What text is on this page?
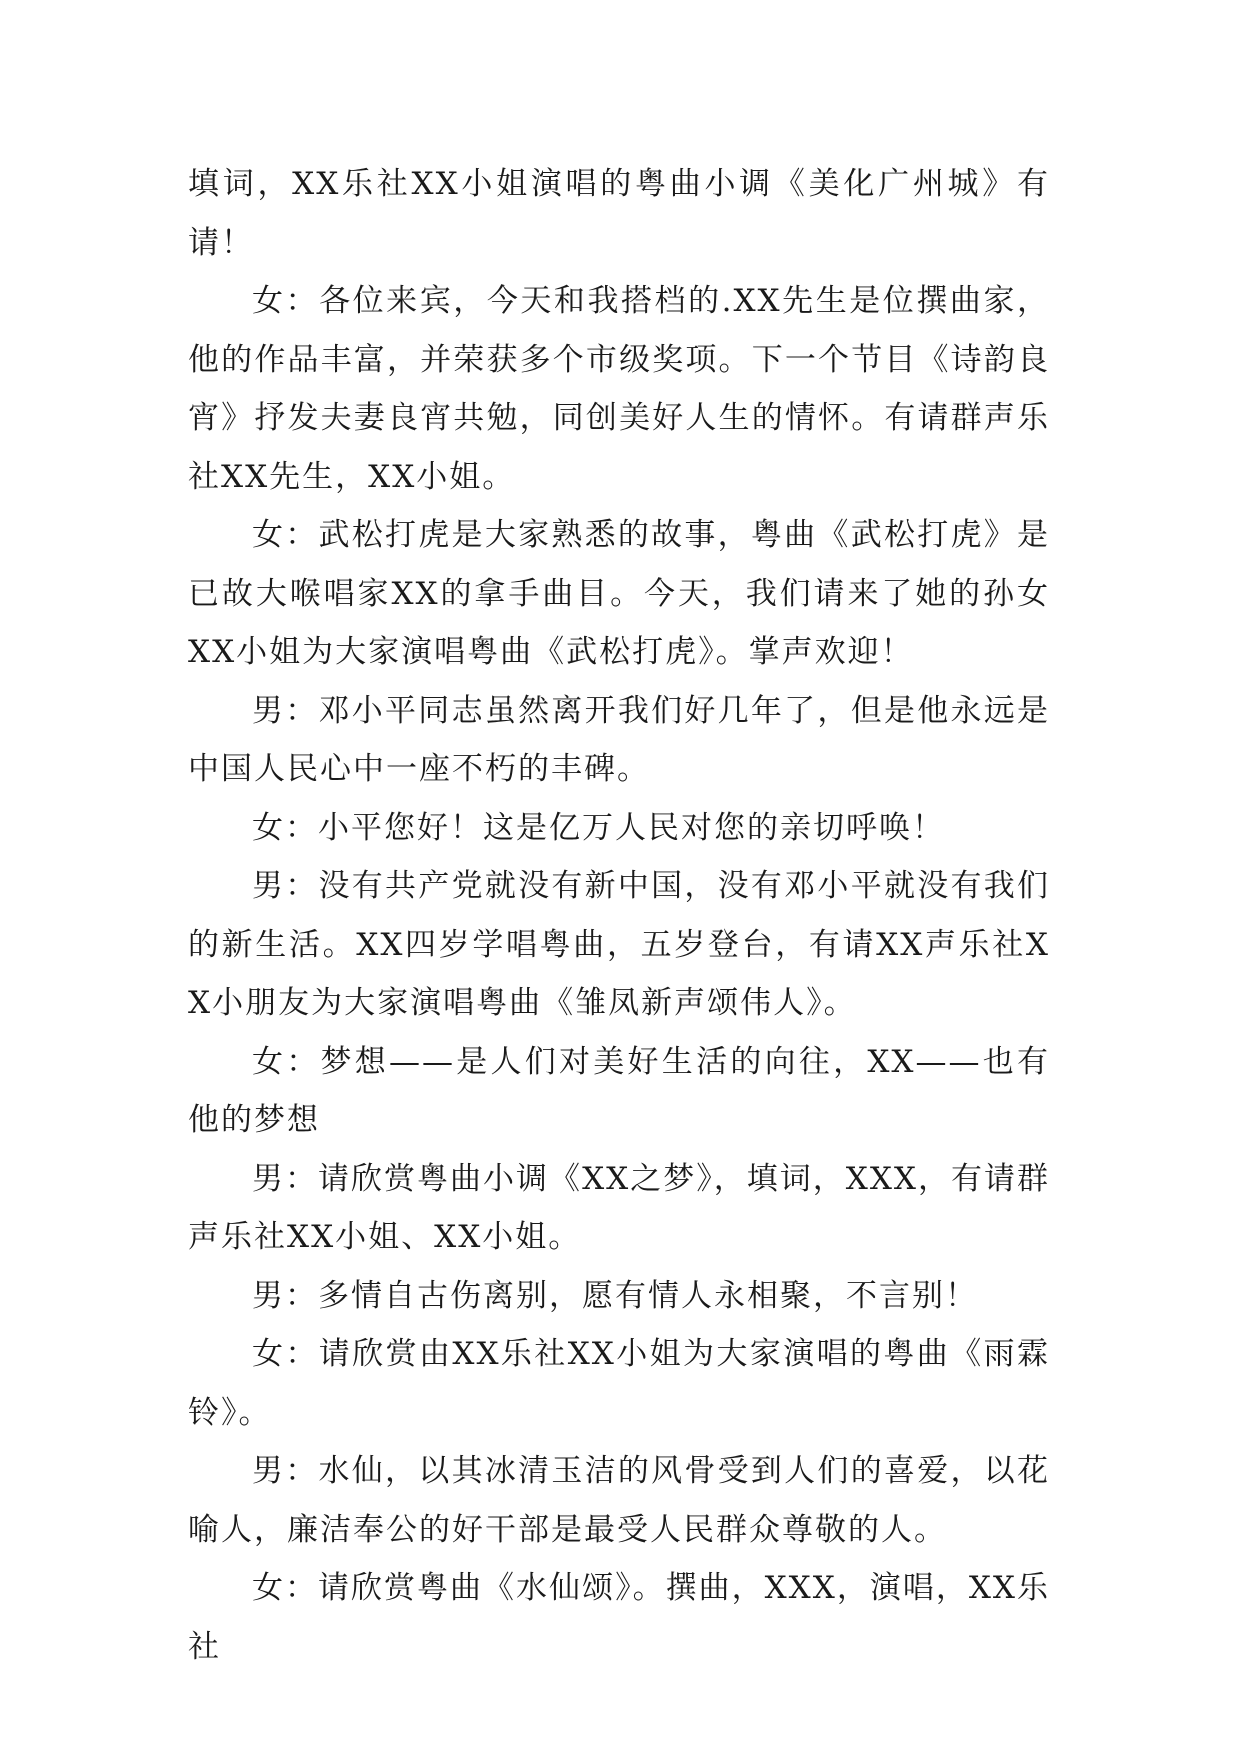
填词，XX乐社XX小姐演唱的粤曲小调《美化广州城》有请！

女：各位来宾，今天和我搭档的.XX先生是位撰曲家，他的作品丰富，并荣获多个市级奖项。下一个节目《诗韵良宵》抒发夫妻良宵共勉，同创美好人生的情怀。有请群声乐社XX先生，XX小姐。

女：武松打虎是大家熟悉的故事，粤曲《武松打虎》是已故大喉唱家XX的拿手曲目。今天，我们请来了她的孙女XX小姐为大家演唱粤曲《武松打虎》。掌声欢迎！

男：邓小平同志虽然离开我们好几年了，但是他永远是中国人民心中一座不朽的丰碑。

女：小平您好！这是亿万人民对您的亲切呼唤！

男：没有共产党就没有新中国，没有邓小平就没有我们的新生活。XX四岁学唱粤曲，五岁登台，有请XX声乐社XX小朋友为大家演唱粤曲《雏凤新声颂伟人》。

女：梦想——是人们对美好生活的向往，XX——也有他的梦想

男：请欣赏粤曲小调《XX之梦》，填词，XXX，有请群声乐社XX小姐、XX小姐。

男：多情自古伤离别，愿有情人永相聚，不言别！

女：请欣赏由XX乐社XX小姐为大家演唱的粤曲《雨霖铃》。

男：水仙，以其冰清玉洁的风骨受到人们的喜爱，以花喻人，廉洁奉公的好干部是最受人民群众尊敬的人。

女：请欣赏粤曲《水仙颂》。撰曲，XXX，演唱，XX乐社
